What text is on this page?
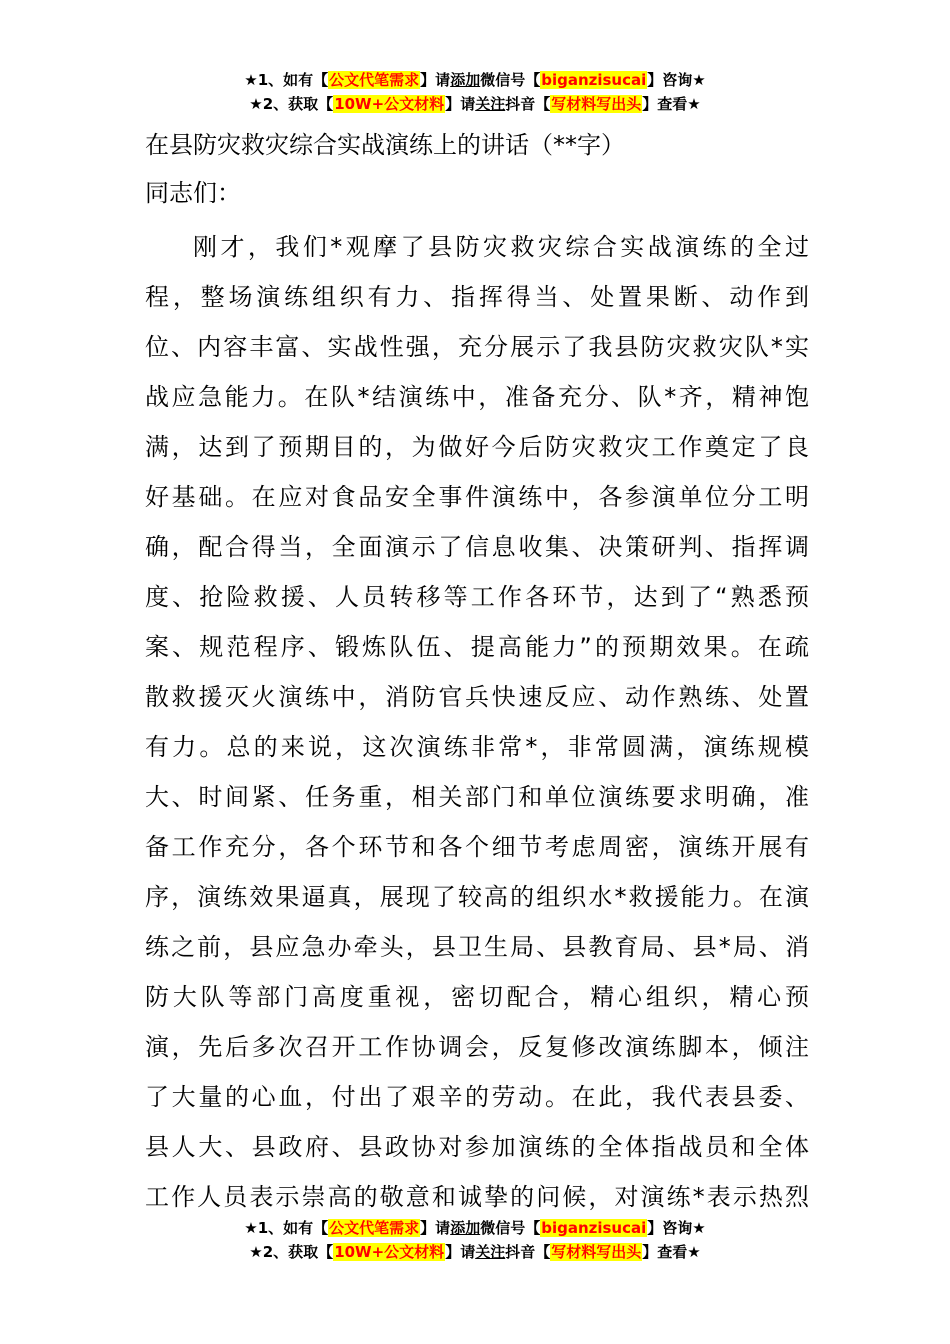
★1、如有【公文代笔需求】请添加微信号【biganzisucai】咨询★
★2、获取【10W+公文材料】请关注抖音【写材料写出头】查看★
在县防灾救灾综合实战演练上的讲话（**字）
同志们：
刚才，我们*观摩了县防灾救灾综合实战演练的全过
程，整场演练组织有力、指挥得当、处置果断、动作到
位、内容丰富、实战性强，充分展示了我县防灾救灾队*实
战应急能力。在队*结演练中，准备充分、队*齐，精神饱
满，达到了预期目的，为做好今后防灾救灾工作奠定了良
好基础。在应对食品安全事件演练中，各参演单位分工明
确，配合得当，全面演示了信息收集、决策研判、指挥调
度、抢险救援、人员转移等工作各环节，达到了“熟悉预
案、规范程序、锻炼队伍、提高能力”的预期效果。在疏
散救援灭火演练中，消防官兵快速反应、动作熟练、处置
有力。总的来说，这次演练非常*，非常圆满，演练规模
大、时间紧、任务重，相关部门和单位演练要求明确，准
备工作充分，各个环节和各个细节考虑周密，演练开展有
序，演练效果逼真，展现了较高的组织水*救援能力。在演
练之前，县应急办牵头，县卫生局、县教育局、县*局、消
防大队等部门高度重视，密切配合，精心组织，精心预
演，先后多次召开工作协调会，反复修改演练脚本，倾注
了大量的心血，付出了艰辛的劳动。在此，我代表县委、
县人大、县政府、县政协对参加演练的全体指战员和全体
工作人员表示崇高的敬意和诚挚的问候，对演练*表示热烈
★1、如有【公文代笔需求】请添加微信号【biganzisucai】咨询★
★2、获取【10W+公文材料】请关注抖音【写材料写出头】查看★
